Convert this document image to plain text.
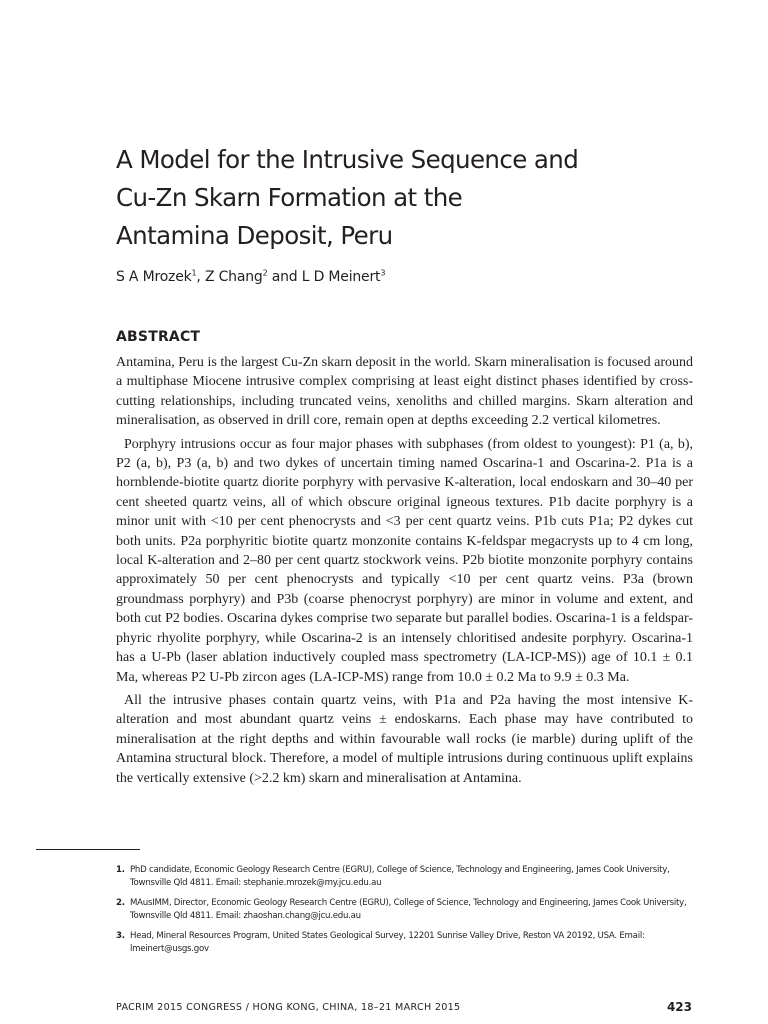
A Model for the Intrusive Sequence and
Cu-Zn Skarn Formation at the
Antamina Deposit, Peru
S A Mrozek$^1$, Z Chang$^2$ and L D Meinert$^3$
ABSTRACT

Antamina, Peru is the largest Cu-Zn skarn deposit in the world. Skarn mineralisation is focused around a multiphase Miocene intrusive complex comprising at least eight distinct phases identified by cross-cutting relationships, including truncated veins, xenoliths and chilled margins. Skarn alteration and mineralisation, as observed in drill core, remain open at depths exceeding 2.2 vertical kilometres.

Porphyry intrusions occur as four major phases with subphases (from oldest to youngest): P1 (a, b), P2 (a, b), P3 (a, b) and two dykes of uncertain timing named Oscarina-1 and Oscarina-2. P1a is a hornblende-biotite quartz diorite porphyry with pervasive K-alteration, local endoskarn and 30–40 per cent sheeted quartz veins, all of which obscure original igneous textures. P1b dacite porphyry is a minor unit with <10 per cent phenocrysts and <3 per cent quartz veins. P1b cuts P1a; P2 dykes cut both units. P2a porphyritic biotite quartz monzonite contains K-feldspar megacrysts up to 4 cm long, local K-alteration and 2–80 per cent quartz stockwork veins. P2b biotite monzonite porphyry contains approximately 50 per cent phenocrysts and typically <10 per cent quartz veins. P3a (brown groundmass porphyry) and P3b (coarse phenocryst porphyry) are minor in volume and extent, and both cut P2 bodies. Oscarina dykes comprise two separate but parallel bodies. Oscarina-1 is a feldspar-phyric rhyolite porphyry, while Oscarina-2 is an intensely chloritised andesite porphyry. Oscarina-1 has a U-Pb (laser ablation inductively coupled mass spectrometry (LA-ICP-MS)) age of 10.1 ± 0.1 Ma, whereas P2 U-Pb zircon ages (LA-ICP-MS) range from 10.0 ± 0.2 Ma to 9.9 ± 0.3 Ma.

All the intrusive phases contain quartz veins, with P1a and P2a having the most intensive K-alteration and most abundant quartz veins ± endoskarns. Each phase may have contributed to mineralisation at the right depths and within favourable wall rocks (ie marble) during uplift of the Antamina structural block. Therefore, a model of multiple intrusions during continuous uplift explains the vertically extensive (>2.2 km) skarn and mineralisation at Antamina.

1. PhD candidate, Economic Geology Research Centre (EGRU), College of Science, Technology and Engineering, James Cook University, Townsville Qld 4811. Email: stephanie.mrozek@my.jcu.edu.au
2. MAusIMM, Director, Economic Geology Research Centre (EGRU), College of Science, Technology and Engineering, James Cook University, Townsville Qld 4811. Email: zhaoshan.chang@jcu.edu.au
3. Head, Mineral Resources Program, United States Geological Survey, 12201 Sunrise Valley Drive, Reston VA 20192, USA. Email: lmeinert@usgs.gov
PACRIM 2015 CONGRESS / HONG KONG, CHINA, 18–21 MARCH 2015	423
